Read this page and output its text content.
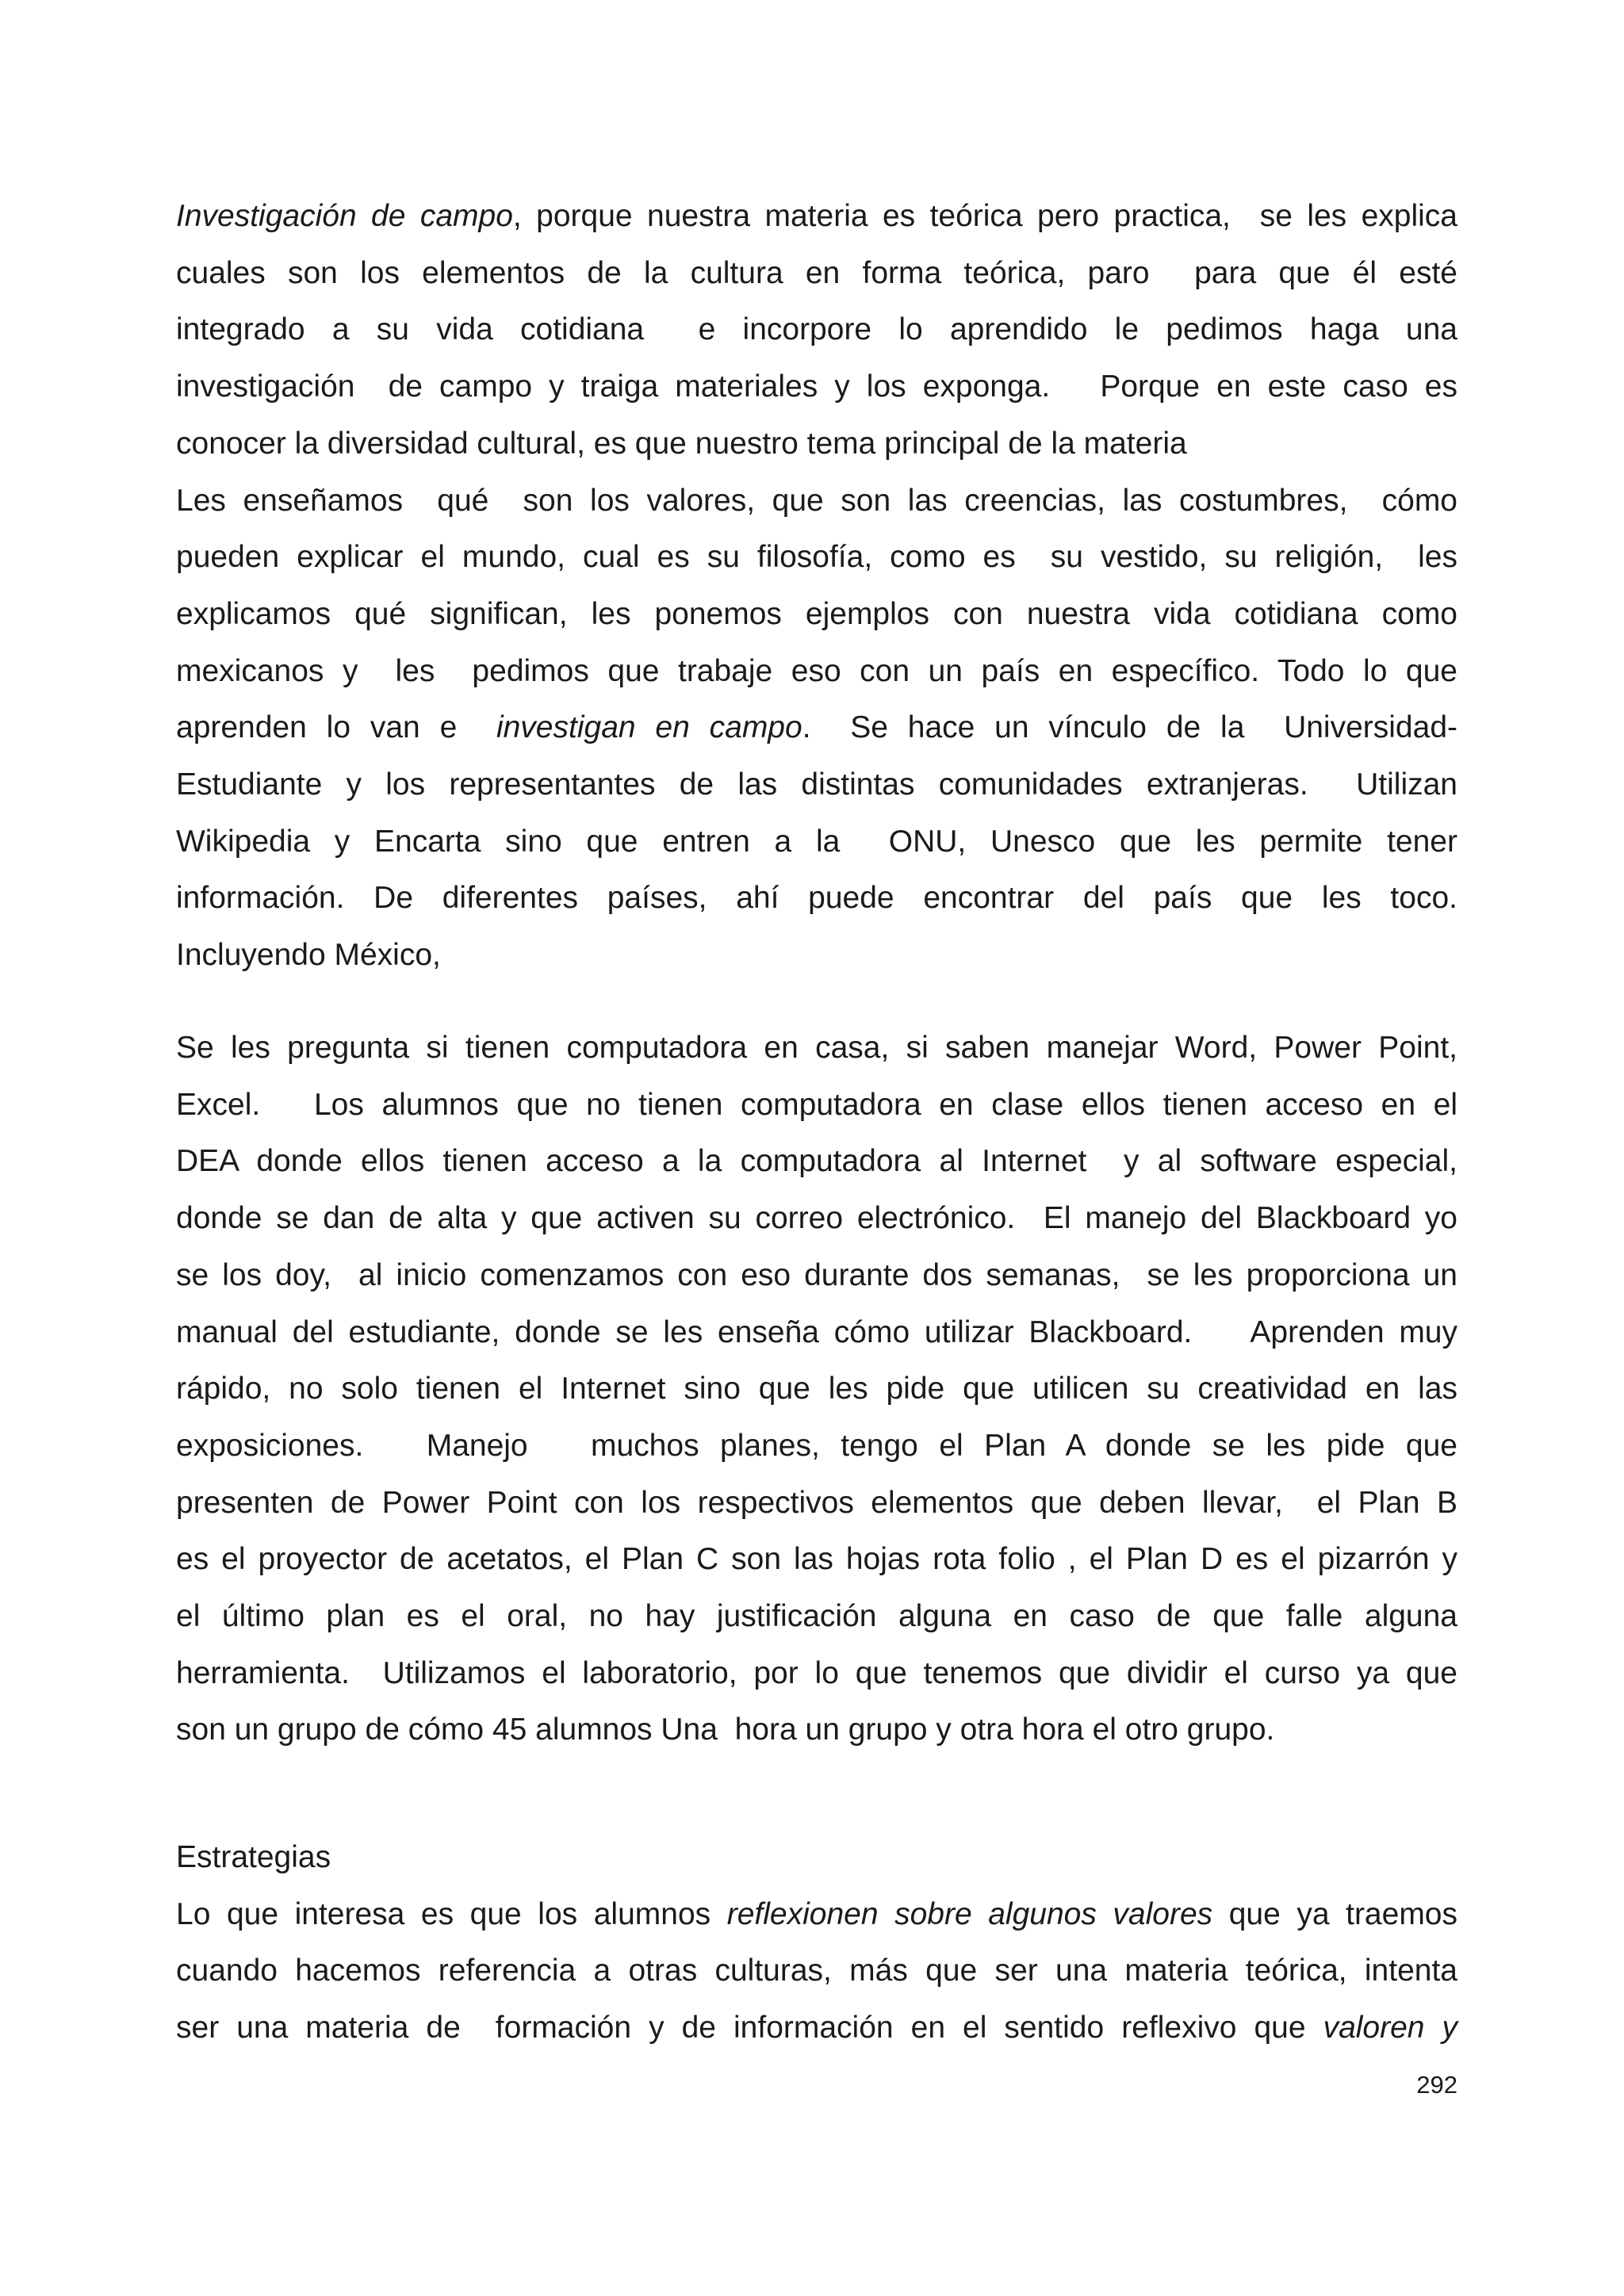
Investigación de campo, porque nuestra materia es teórica pero practica,  se les explica
cuales son los elementos de la cultura en forma teórica, paro  para que él esté
integrado a su vida cotidiana  e incorpore lo aprendido le pedimos haga una
investigación  de campo y traiga materiales y los exponga.   Porque en este caso es
conocer la diversidad cultural, es que nuestro tema principal de la materia
Les enseñamos  qué  son los valores, que son las creencias, las costumbres,  cómo
pueden explicar el mundo, cual es su filosofía, como es  su vestido, su religión,  les
explicamos qué significan, les ponemos ejemplos con nuestra vida cotidiana como
mexicanos y  les  pedimos que trabaje eso con un país en específico. Todo lo que
aprenden lo van e  investigan en campo.  Se hace un vínculo de la  Universidad-
Estudiante y los representantes de las distintas comunidades extranjeras.  Utilizan
Wikipedia y Encarta sino que entren a la  ONU, Unesco que les permite tener
información. De diferentes países, ahí puede encontrar del país que les toco.
Incluyendo México,
Se les pregunta si tienen computadora en casa, si saben manejar Word, Power Point,
Excel.   Los alumnos que no tienen computadora en clase ellos tienen acceso en el
DEA donde ellos tienen acceso a la computadora al Internet  y al software especial,
donde se dan de alta y que activen su correo electrónico.  El manejo del Blackboard yo
se los doy,  al inicio comenzamos con eso durante dos semanas,  se les proporciona un
manual del estudiante, donde se les enseña cómo utilizar Blackboard.    Aprenden muy
rápido, no solo tienen el Internet sino que les pide que utilicen su creatividad en las
exposiciones.   Manejo   muchos planes, tengo el Plan A donde se les pide que
presenten de Power Point con los respectivos elementos que deben llevar,  el Plan B
es el proyector de acetatos, el Plan C son las hojas rota folio , el Plan D es el pizarrón y
el último plan es el oral, no hay justificación alguna en caso de que falle alguna
herramienta.  Utilizamos el laboratorio, por lo que tenemos que dividir el curso ya que
son un grupo de cómo 45 alumnos Una  hora un grupo y otra hora el otro grupo.
Estrategias
Lo que interesa es que los alumnos reflexionen sobre algunos valores que ya traemos
cuando hacemos referencia a otras culturas, más que ser una materia teórica, intenta
ser una materia de  formación y de información en el sentido reflexivo que valoren y
292
